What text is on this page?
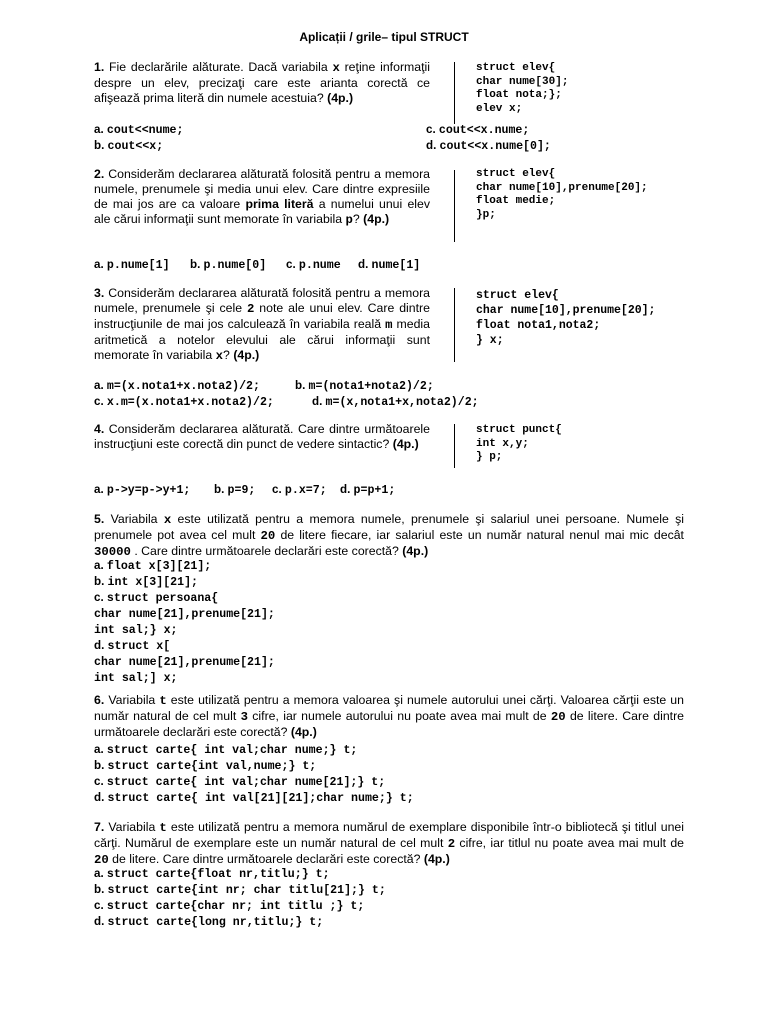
Aplicații / grile– tipul STRUCT
1. Fie declarările alăturate. Dacă variabila x reţine informaţii despre un elev, precizaţi care este arianta corectă ce afişează prima literă din numele acestuia? (4p.)
struct elev{
char nume[30];
float nota;};
elev x;
a. cout<<nume;
b. cout<<x;
c. cout<<x.nume;
d. cout<<x.nume[0];
2. Considerăm declararea alăturată folosită pentru a memora numele, prenumele şi media unui elev. Care dintre expresiile de mai jos are ca valoare prima literă a numelui unui elev ale cărui informaţii sunt memorate în variabila p? (4p.)
struct elev{
char nume[10],prenume[20];
float medie;
}p;
a. p.nume[1] b. p.nume[0] c. p.nume d. nume[1]
3. Considerăm declararea alăturată folosită pentru a memora numele, prenumele şi cele 2 note ale unui elev. Care dintre instrucţiunile de mai jos calculează în variabila reală m media aritmetică a notelor elevului ale cărui informaţii sunt memorate în variabila x? (4p.)
struct elev{
char nume[10],prenume[20];
float nota1,nota2;
} x;
a. m=(x.nota1+x.nota2)/2;	b. m=(nota1+nota2)/2;
c. x.m=(x.nota1+x.nota2)/2;	d. m=(x,nota1+x,nota2)/2;
4. Considerăm declararea alăturată. Care dintre următoarele instrucţiuni este corectă din punct de vedere sintactic? (4p.)
struct punct{
int x,y;
} p;
a. p->y=p->y+1; b. p=9; c. p.x=7; d. p=p+1;
5. Variabila x este utilizată pentru a memora numele, prenumele şi salariul unei persoane. Numele şi prenumele pot avea cel mult 20 de litere fiecare, iar salariul este un număr natural nenul mai mic decât 30000 . Care dintre următoarele declarări este corectă? (4p.)
a. float x[3][21];
b. int x[3][21];
c. struct persoana{
char nume[21],prenume[21];
int sal;} x;
d. struct x[
char nume[21],prenume[21];
int sal;] x;
6. Variabila t este utilizată pentru a memora valoarea şi numele autorului unei cărţi. Valoarea cărţii este un număr natural de cel mult 3 cifre, iar numele autorului nu poate avea mai mult de 20 de litere. Care dintre următoarele declarări este corectă? (4p.)
a. struct carte{ int val;char nume;} t;
b. struct carte{int val,nume;} t;
c. struct carte{ int val;char nume[21];} t;
d. struct carte{ int val[21][21];char nume;} t;
7. Variabila t este utilizată pentru a memora numărul de exemplare disponibile într-o bibliotecă şi titlul unei cărţi. Numărul de exemplare este un număr natural de cel mult 2 cifre, iar titlul nu poate avea mai mult de 20 de litere. Care dintre următoarele declarări este corectă? (4p.)
a. struct carte{float nr,titlu;} t;
b. struct carte{int nr; char titlu[21];} t;
c. struct carte{char nr; int titlu ;} t;
d. struct carte{long nr,titlu;} t;
